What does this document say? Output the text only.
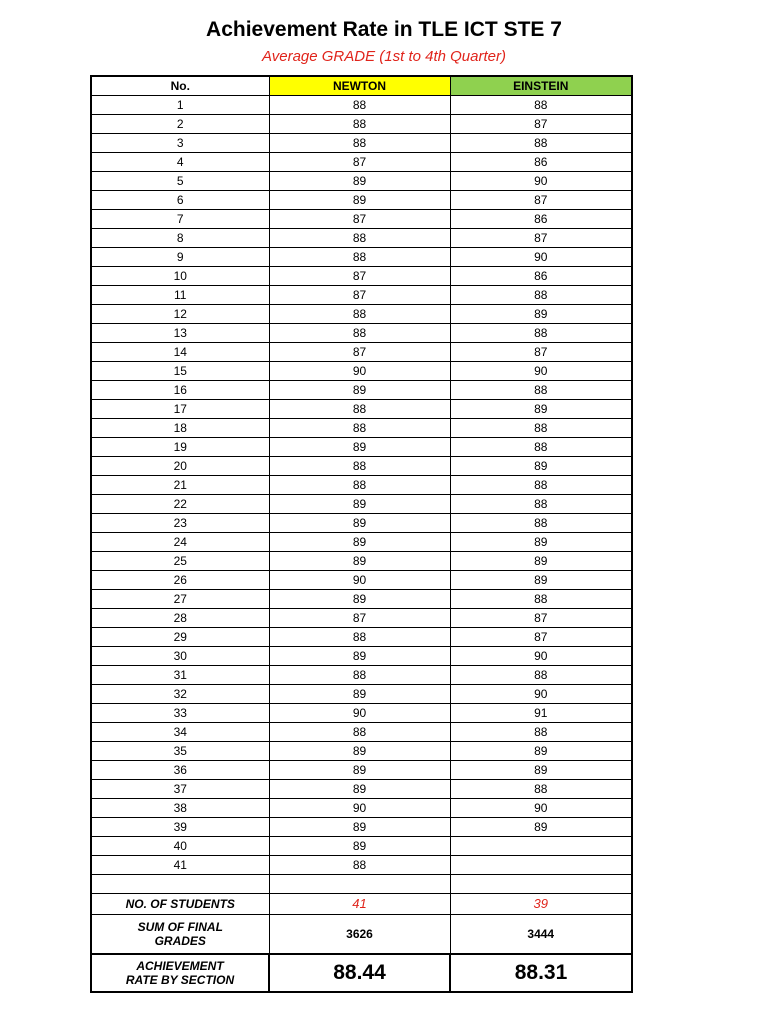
Achievement Rate in TLE ICT STE 7
Average GRADE (1st to 4th Quarter)
No.	NEWTON	EINSTEIN
1	88	88
2	88	87
3	88	88
4	87	86
5	89	90
6	89	87
7	87	86
8	88	87
9	88	90
10	87	86
11	87	88
12	88	89
13	88	88
14	87	87
15	90	90
16	89	88
17	88	89
18	88	88
19	89	88
20	88	89
21	88	88
22	89	88
23	89	88
24	89	89
25	89	89
26	90	89
27	89	88
28	87	87
29	88	87
30	89	90
31	88	88
32	89	90
33	90	91
34	88	88
35	89	89
36	89	89
37	89	88
38	90	90
39	89	89
40	89	
41	88	

NO. OF STUDENTS	41	39

SUM OF FINAL
GRADES	3626	3444

ACHIEVEMENT
RATE BY SECTION	88.44	88.31
